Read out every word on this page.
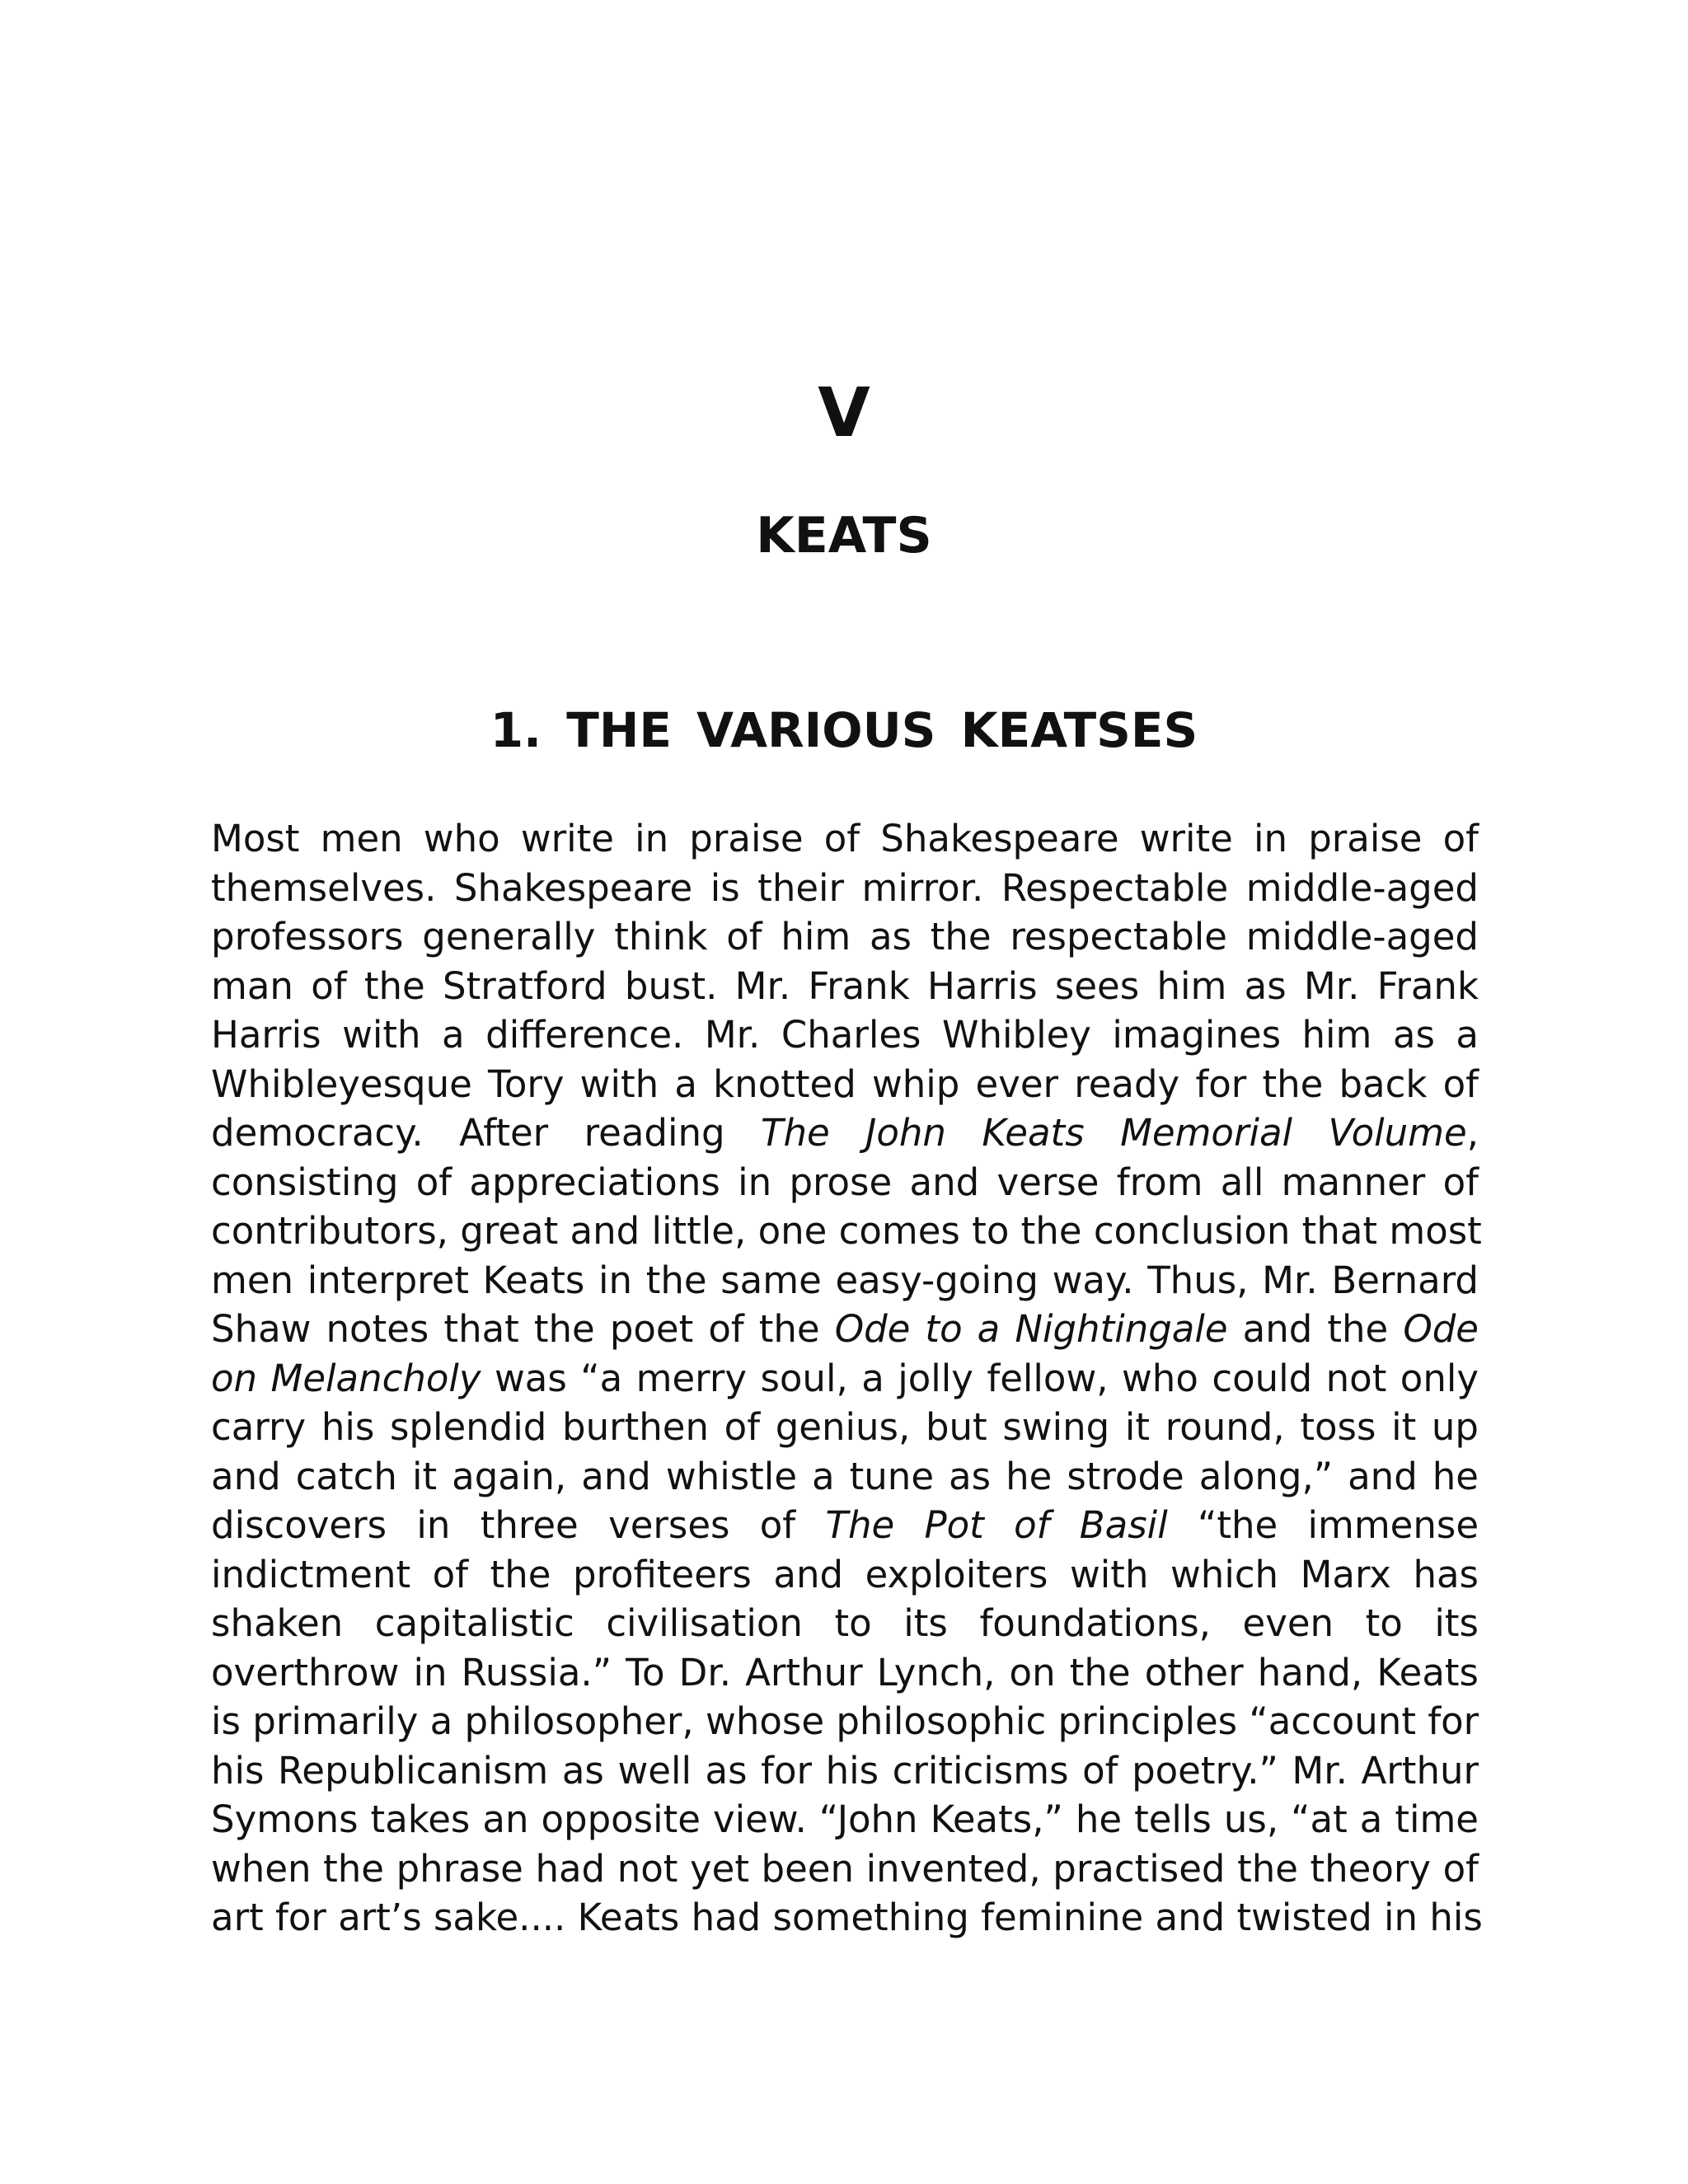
V
KEATS
1. THE VARIOUS KEATSES
Most men who write in praise of Shakespeare write in praise of
themselves. Shakespeare is their mirror. Respectable middle-aged
professors generally think of him as the respectable middle-aged
man of the Stratford bust. Mr. Frank Harris sees him as Mr. Frank
Harris with a difference. Mr. Charles Whibley imagines him as a
Whibleyesque Tory with a knotted whip ever ready for the back of
democracy. After reading The John Keats Memorial Volume,
consisting of appreciations in prose and verse from all manner of
contributors, great and little, one comes to the conclusion that most
men interpret Keats in the same easy-going way. Thus, Mr. Bernard
Shaw notes that the poet of the Ode to a Nightingale and the Ode
on Melancholy was “a merry soul, a jolly fellow, who could not only
carry his splendid burthen of genius, but swing it round, toss it up
and catch it again, and whistle a tune as he strode along,” and he
discovers in three verses of The Pot of Basil “the immense
indictment of the profiteers and exploiters with which Marx has
shaken capitalistic civilisation to its foundations, even to its
overthrow in Russia.” To Dr. Arthur Lynch, on the other hand, Keats
is primarily a philosopher, whose philosophic principles “account for
his Republicanism as well as for his criticisms of poetry.” Mr. Arthur
Symons takes an opposite view. “John Keats,” he tells us, “at a time
when the phrase had not yet been invented, practised the theory of
art for art’s sake.... Keats had something feminine and twisted in his
